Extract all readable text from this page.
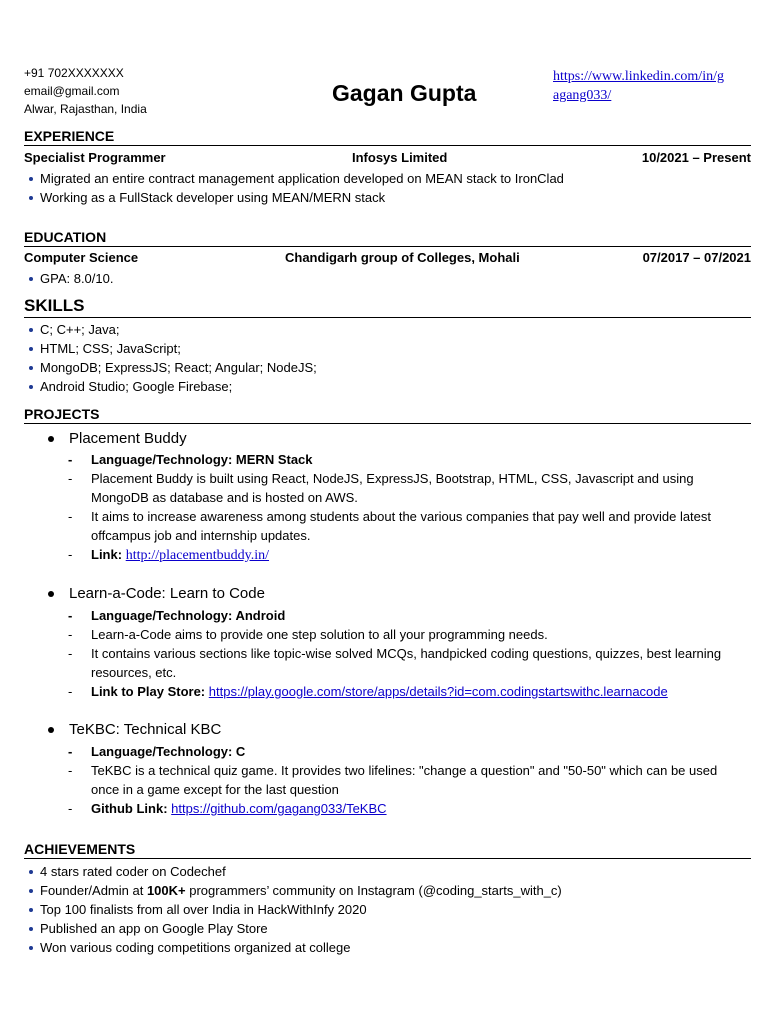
+91 702XXXXXXX
email@gmail.com
Alwar, Rajasthan, India
Gagan Gupta
https://www.linkedin.com/in/g
agang033/
EXPERIENCE
Specialist Programmer	Infosys Limited	10/2021 – Present
Migrated an entire contract management application developed on MEAN stack to IronClad
Working as a FullStack developer using MEAN/MERN stack
EDUCATION
Computer Science	Chandigarh group of Colleges, Mohali	07/2017 – 07/2021
GPA: 8.0/10.
SKILLS
C; C++; Java;
HTML; CSS; JavaScript;
MongoDB; ExpressJS; React; Angular; NodeJS;
Android Studio; Google Firebase;
PROJECTS
Placement Buddy
- Language/Technology: MERN Stack
- Placement Buddy is built using React, NodeJS, ExpressJS, Bootstrap, HTML, CSS, Javascript and using MongoDB as database and is hosted on AWS.
- It aims to increase awareness among students about the various companies that pay well and provide latest offcampus job and internship updates.
- Link: http://placementbuddy.in/
Learn-a-Code: Learn to Code
- Language/Technology: Android
- Learn-a-Code aims to provide one step solution to all your programming needs.
- It contains various sections like topic-wise solved MCQs, handpicked coding questions, quizzes, best learning resources, etc.
- Link to Play Store: https://play.google.com/store/apps/details?id=com.codingstartswithc.learnacode
TeKBC: Technical KBC
- Language/Technology: C
- TeKBC is a technical quiz game. It provides two lifelines: "change a question" and "50-50" which can be used once in a game except for the last question
- Github Link: https://github.com/gagang033/TeKBC
ACHIEVEMENTS
4 stars rated coder on Codechef
Founder/Admin at 100K+ programmers’ community on Instagram (@coding_starts_with_c)
Top 100 finalists from all over India in HackWithInfy 2020
Published an app on Google Play Store
Won various coding competitions organized at college
